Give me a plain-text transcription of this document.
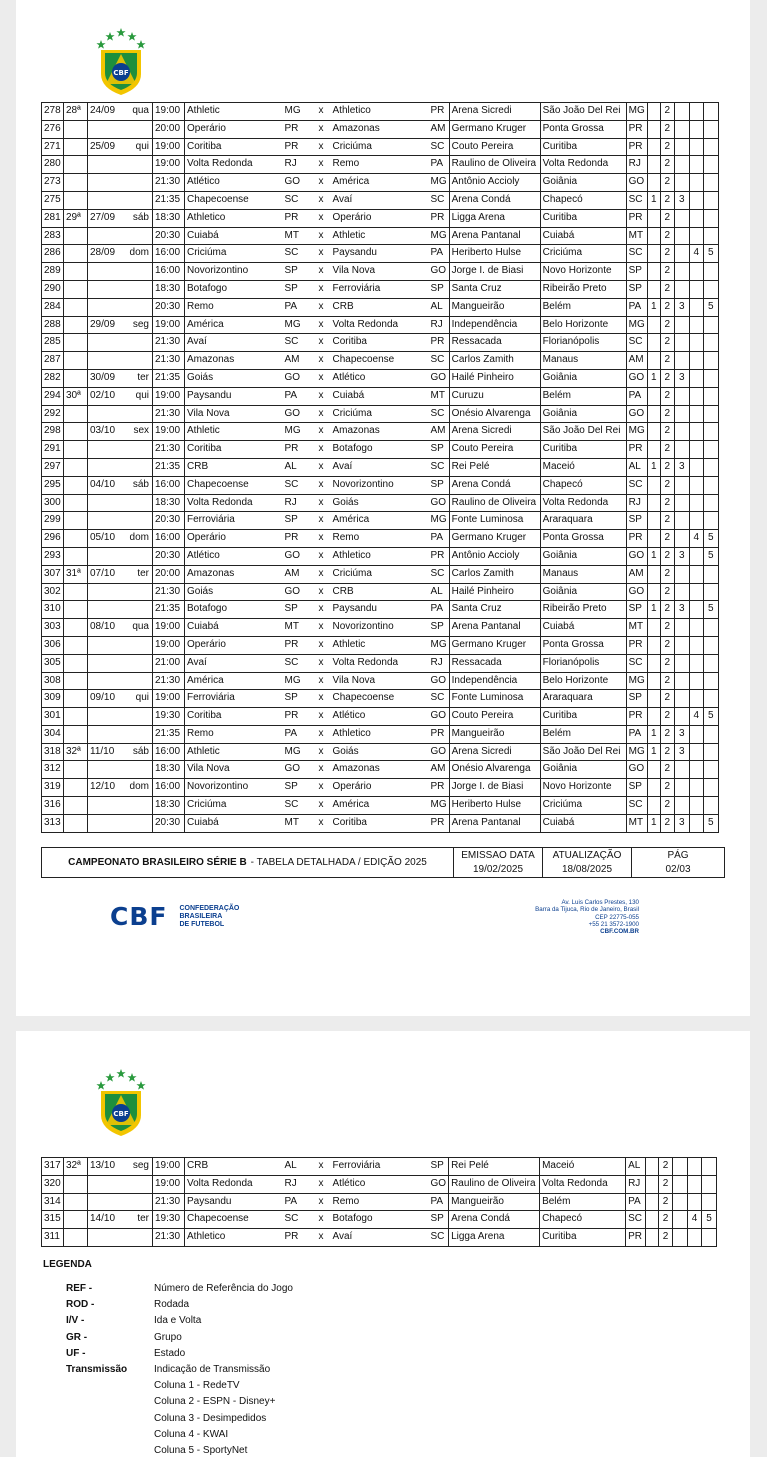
CBF
278	28ª	24/09	qua	19:00	Athletic	MG	x	Athletico	PR	Arena Sicredi	São João Del Rei	MG		2			
276				20:00	Operário	PR	x	Amazonas	AM	Germano Kruger	Ponta Grossa	PR		2			
271		25/09	qui	19:00	Coritiba	PR	x	Criciúma	SC	Couto Pereira	Curitiba	PR		2			
280				19:00	Volta Redonda	RJ	x	Remo	PA	Raulino de Oliveira	Volta Redonda	RJ		2			
273				21:30	Atlético	GO	x	América	MG	Antônio Accioly	Goiânia	GO		2			
275				21:35	Chapecoense	SC	x	Avaí	SC	Arena Condá	Chapecó	SC	1	2	3		
281	29ª	27/09	sáb	18:30	Athletico	PR	x	Operário	PR	Ligga Arena	Curitiba	PR		2			
283				20:30	Cuiabá	MT	x	Athletic	MG	Arena Pantanal	Cuiabá	MT		2			
286		28/09	dom	16:00	Criciúma	SC	x	Paysandu	PA	Heriberto Hulse	Criciúma	SC		2		4	5
289				16:00	Novorizontino	SP	x	Vila Nova	GO	Jorge I. de Biasi	Novo Horizonte	SP		2			
290				18:30	Botafogo	SP	x	Ferroviária	SP	Santa Cruz	Ribeirão Preto	SP		2			
284				20:30	Remo	PA	x	CRB	AL	Mangueirão	Belém	PA	1	2	3		5
288		29/09	seg	19:00	América	MG	x	Volta Redonda	RJ	Independência	Belo Horizonte	MG		2			
285				21:30	Avaí	SC	x	Coritiba	PR	Ressacada	Florianópolis	SC		2			
287				21:30	Amazonas	AM	x	Chapecoense	SC	Carlos Zamith	Manaus	AM		2			
282		30/09	ter	21:35	Goiás	GO	x	Atlético	GO	Hailé Pinheiro	Goiânia	GO	1	2	3		
294	30ª	02/10	qui	19:00	Paysandu	PA	x	Cuiabá	MT	Curuzu	Belém	PA		2			
292				21:30	Vila Nova	GO	x	Criciúma	SC	Onésio Alvarenga	Goiânia	GO		2			
298		03/10	sex	19:00	Athletic	MG	x	Amazonas	AM	Arena Sicredi	São João Del Rei	MG		2			
291				21:30	Coritiba	PR	x	Botafogo	SP	Couto Pereira	Curitiba	PR		2			
297				21:35	CRB	AL	x	Avaí	SC	Rei Pelé	Maceió	AL	1	2	3		
295		04/10	sáb	16:00	Chapecoense	SC	x	Novorizontino	SP	Arena Condá	Chapecó	SC		2			
300				18:30	Volta Redonda	RJ	x	Goiás	GO	Raulino de Oliveira	Volta Redonda	RJ		2			
299				20:30	Ferroviária	SP	x	América	MG	Fonte Luminosa	Araraquara	SP		2			
296		05/10	dom	16:00	Operário	PR	x	Remo	PA	Germano Kruger	Ponta Grossa	PR		2		4	5
293				20:30	Atlético	GO	x	Athletico	PR	Antônio Accioly	Goiânia	GO	1	2	3		5
307	31ª	07/10	ter	20:00	Amazonas	AM	x	Criciúma	SC	Carlos Zamith	Manaus	AM		2			
302				21:30	Goiás	GO	x	CRB	AL	Hailé Pinheiro	Goiânia	GO		2			
310				21:35	Botafogo	SP	x	Paysandu	PA	Santa Cruz	Ribeirão Preto	SP	1	2	3		5
303		08/10	qua	19:00	Cuiabá	MT	x	Novorizontino	SP	Arena Pantanal	Cuiabá	MT		2			
306				19:00	Operário	PR	x	Athletic	MG	Germano Kruger	Ponta Grossa	PR		2			
305				21:00	Avaí	SC	x	Volta Redonda	RJ	Ressacada	Florianópolis	SC		2			
308				21:30	América	MG	x	Vila Nova	GO	Independência	Belo Horizonte	MG		2			
309		09/10	qui	19:00	Ferroviária	SP	x	Chapecoense	SC	Fonte Luminosa	Araraquara	SP		2			
301				19:30	Coritiba	PR	x	Atlético	GO	Couto Pereira	Curitiba	PR		2		4	5
304				21:35	Remo	PA	x	Athletico	PR	Mangueirão	Belém	PA	1	2	3		
318	32ª	11/10	sáb	16:00	Athletic	MG	x	Goiás	GO	Arena Sicredi	São João Del Rei	MG	1	2	3		
312				18:30	Vila Nova	GO	x	Amazonas	AM	Onésio Alvarenga	Goiânia	GO		2			
319		12/10	dom	16:00	Novorizontino	SP	x	Operário	PR	Jorge I. de Biasi	Novo Horizonte	SP		2			
316				18:30	Criciúma	SC	x	América	MG	Heriberto Hulse	Criciúma	SC		2			
313				20:30	Cuiabá	MT	x	Coritiba	PR	Arena Pantanal	Cuiabá	MT	1	2	3		5
CAMPEONATO BRASILEIRO SÉRIE B - TABELA DETALHADA / EDIÇÃO 2025
EMISSAO DATA
19/02/2025
ATUALIZAÇÃO
18/08/2025
PÁG
02/03
CBF CONFEDERAÇÃO
BRASILEIRA
DE FUTEBOL
Av. Luis Carlos Prestes, 130
Barra da Tijuca, Rio de Janeiro, Brasil
CEP 22775-055
+55 21 3572-1900
CBF.COM.BR
CBF
317	32ª	13/10	seg	19:00	CRB	AL	x	Ferroviária	SP	Rei Pelé	Maceió	AL		2			
320				19:00	Volta Redonda	RJ	x	Atlético	GO	Raulino de Oliveira	Volta Redonda	RJ		2			
314				21:30	Paysandu	PA	x	Remo	PA	Mangueirão	Belém	PA		2			
315		14/10	ter	19:30	Chapecoense	SC	x	Botafogo	SP	Arena Condá	Chapecó	SC		2		4	5
311				21:30	Athletico	PR	x	Avaí	SC	Ligga Arena	Curitiba	PR		2			
LEGENDA
REF -	Número de Referência do Jogo
ROD -	Rodada
I/V -	Ida e Volta
GR -	Grupo
UF -	Estado
Transmissão	Indicação de Transmissão
Coluna 1 - RedeTV
Coluna 2 - ESPN - Disney+
Coluna 3 - Desimpedidos
Coluna 4 - KWAI
Coluna 5 - SportyNet
